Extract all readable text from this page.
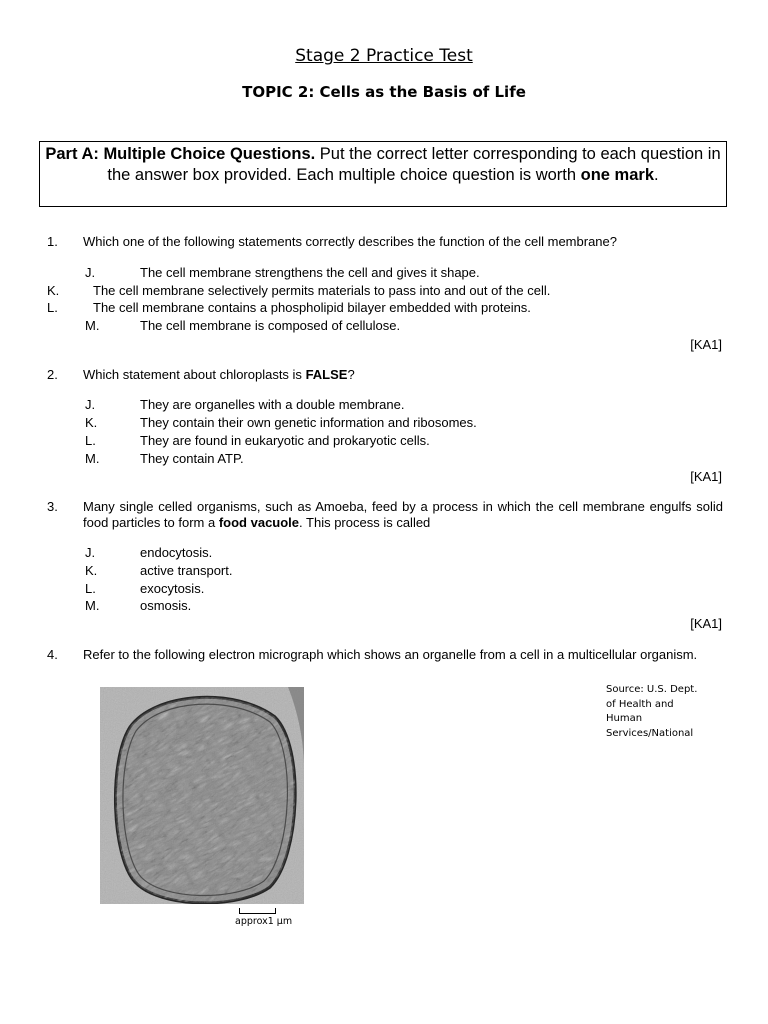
Stage 2 Practice Test
TOPIC 2: Cells as the Basis of Life
Part A: Multiple Choice Questions. Put the correct letter corresponding to each question in the answer box provided. Each multiple choice question is worth one mark.
1. Which one of the following statements correctly describes the function of the cell membrane?
J.	The cell membrane strengthens the cell and gives it shape.
K.	The cell membrane selectively permits materials to pass into and out of the cell.
L.	The cell membrane contains a phospholipid bilayer embedded with proteins.
M.	The cell membrane is composed of cellulose.
[KA1]
2. Which statement about chloroplasts is FALSE?
J.	They are organelles with a double membrane.
K.	They contain their own genetic information and ribosomes.
L.	They are found in eukaryotic and prokaryotic cells.
M.	They contain ATP.
[KA1]
3. Many single celled organisms, such as Amoeba, feed by a process in which the cell membrane engulfs solid food particles to form a food vacuole. This process is called
J.	endocytosis.
K.	active transport.
L.	exocytosis.
M.	osmosis.
[KA1]
4. Refer to the following electron micrograph which shows an organelle from a cell in a multicellular organism.
Source: U.S. Dept.
of Health and
Human
Services/National
approx1 μm
